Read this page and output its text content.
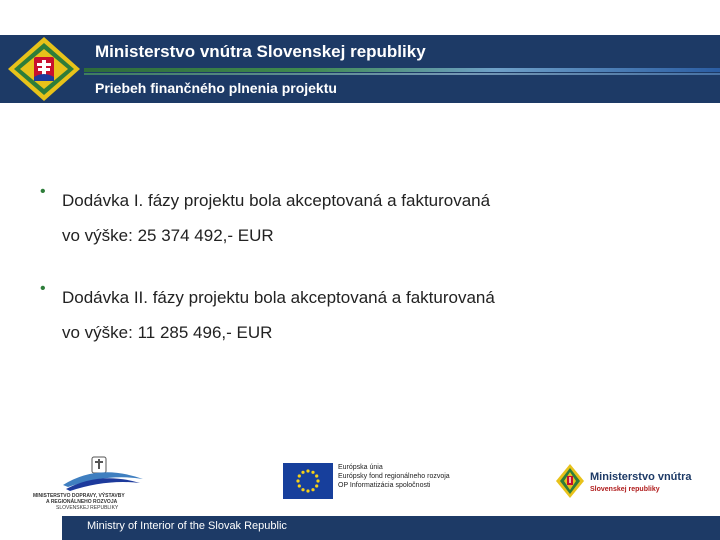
Ministerstvo vnútra Slovenskej republiky
Priebeh finančného plnenia projektu
• Dodávka I. fázy projektu bola akceptovaná a fakturovaná
vo výške: 25 374 492,- EUR
• Dodávka II. fázy projektu bola akceptovaná a fakturovaná
vo výške: 11 285 496,- EUR
MINISTERSTVO DOPRAVY, VÝSTAVBY
A REGIONÁLNEHO ROZVOJA
SLOVENSKEJ REPUBLIKY
Európska únia
Európsky fond regionálneho rozvoja
OP Informatizácia spoločnosti
Ministerstvo vnútra
Slovenskej republiky
Ministry of Interior of the Slovak Republic
